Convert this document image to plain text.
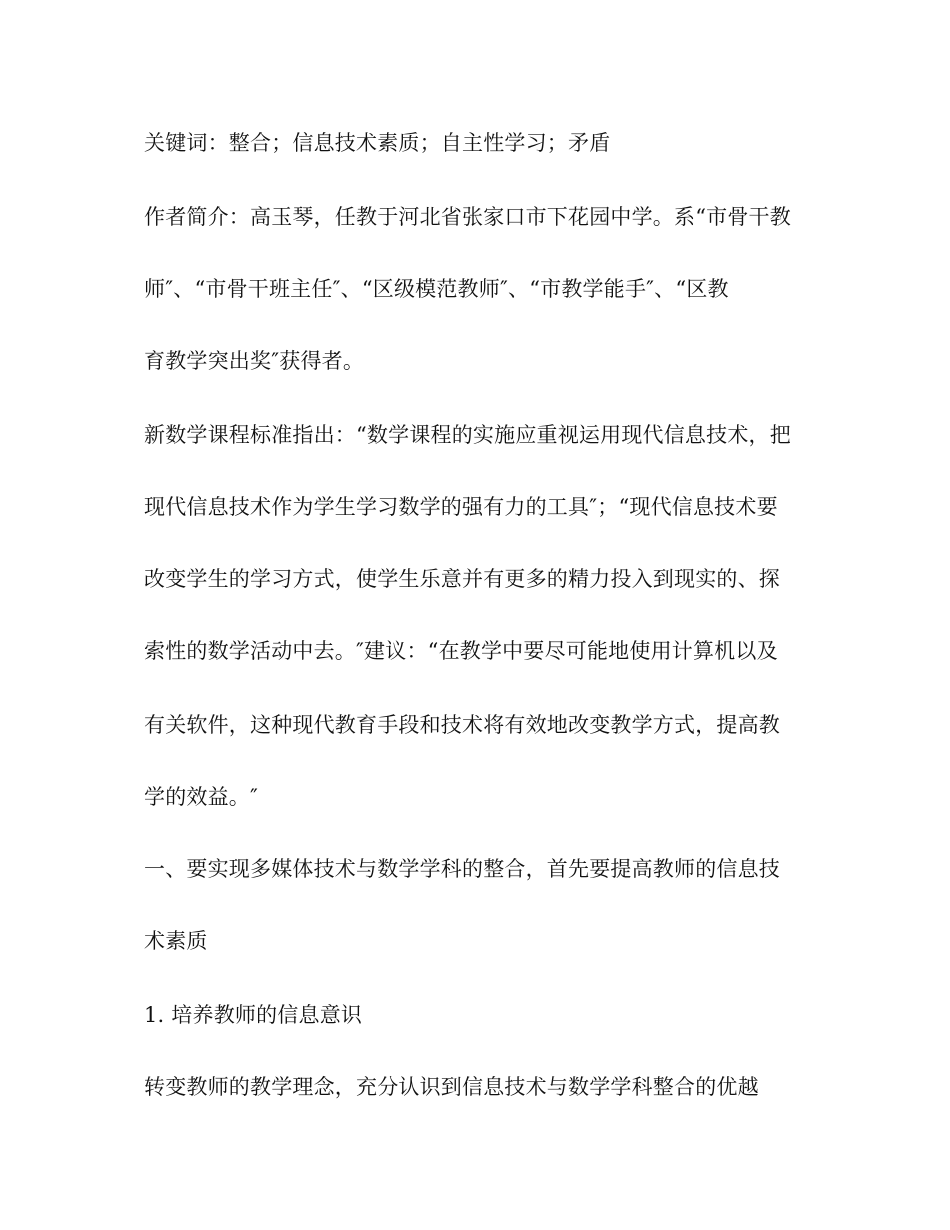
关键词：整合；信息技术素质；自主性学习；矛盾
作者简介：高玉琴，任教于河北省张家口市下花园中学。系“市骨干教
师″、“市骨干班主任″、“区级模范教师″、“市教学能手″、“区教
育教学突出奖″获得者。
新数学课程标准指出：“数学课程的实施应重视运用现代信息技术，把
现代信息技术作为学生学习数学的强有力的工具″；“现代信息技术要
改变学生的学习方式，使学生乐意并有更多的精力投入到现实的、探
索性的数学活动中去。″建议：“在教学中要尽可能地使用计算机以及
有关软件，这种现代教育手段和技术将有效地改变教学方式，提高教
学的效益。″
一、要实现多媒体技术与数学学科的整合，首先要提高教师的信息技
术素质
1. 培养教师的信息意识
转变教师的教学理念，充分认识到信息技术与数学学科整合的优越
